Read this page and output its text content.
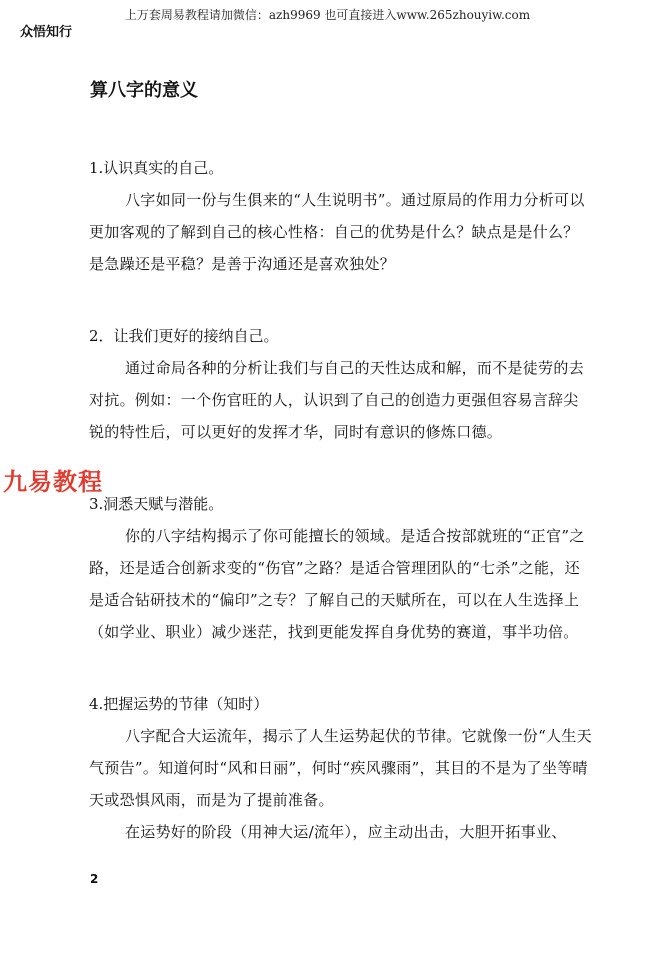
上万套周易教程请加微信：azh9969 也可直接进入www.265zhouyiw.com
众悟知行
算八字的意义

1.认识真实的自己。

八字如同一份与生俱来的“人生说明书”。通过原局的作用力分析可以更加客观的了解到自己的核心性格：自己的优势是什么？缺点是是什么？是急躁还是平稳？是善于沟通还是喜欢独处？

2．让我们更好的接纳自己。

通过命局各种的分析让我们与自己的天性达成和解，而不是徒劳的去对抗。例如：一个伤官旺的人，认识到了自己的创造力更强但容易言辞尖锐的特性后，可以更好的发挥才华，同时有意识的修炼口德。

3.洞悉天赋与潜能。

你的八字结构揭示了你可能擅长的领域。是适合按部就班的“正官”之路，还是适合创新求变的“伤官”之路？是适合管理团队的“七杀”之能，还是适合钻研技术的“偏印”之专？了解自己的天赋所在，可以在人生选择上（如学业、职业）减少迷茫，找到更能发挥自身优势的赛道，事半功倍。

4.把握运势的节律（知时）

八字配合大运流年，揭示了人生运势起伏的节律。它就像一份“人生天气预告”。知道何时“风和日丽”，何时“疾风骤雨”，其目的不是为了坐等晴天或恐惧风雨，而是为了提前准备。

在运势好的阶段（用神大运/流年），应主动出击，大胆开拓事业、

九易教程
2
